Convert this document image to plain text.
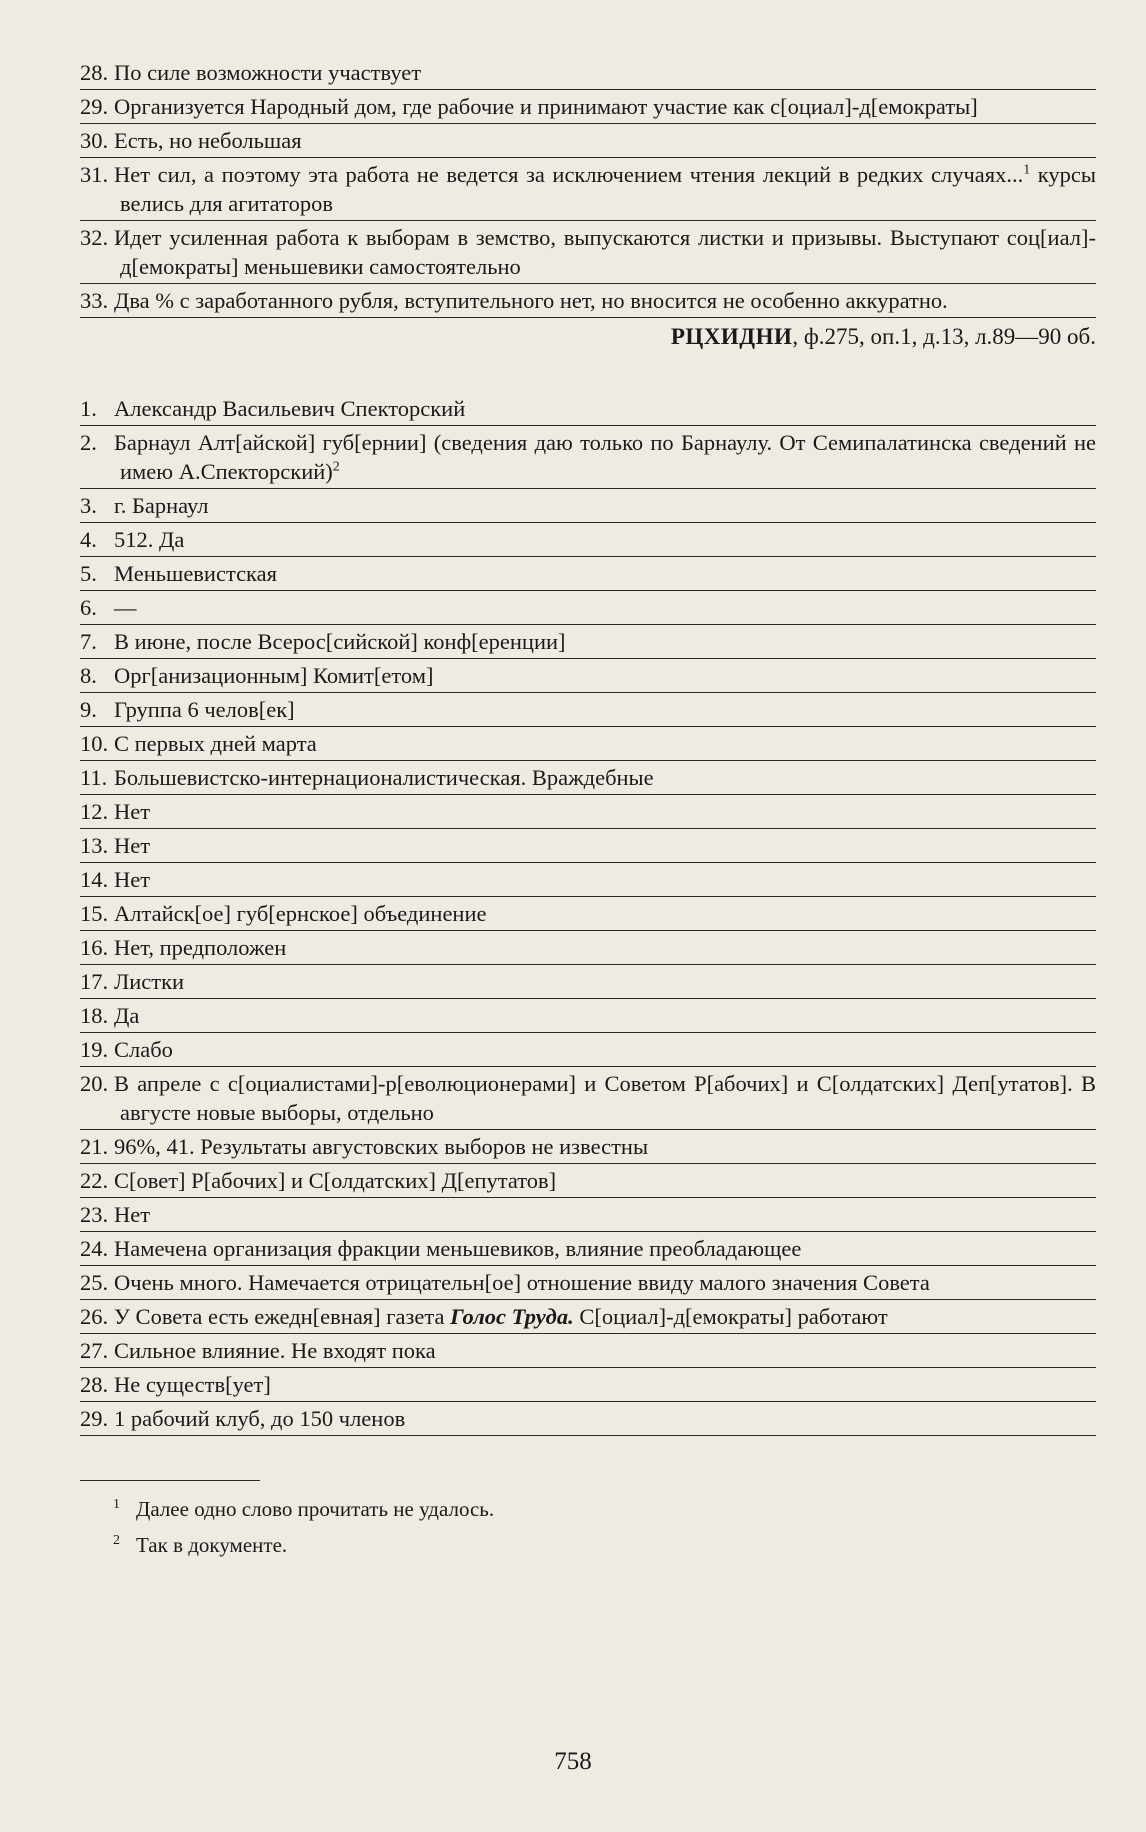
28. По силе возможности участвует
29. Организуется Народный дом, где рабочие и принимают участие как с[оциал]-д[емократы]
30. Есть, но небольшая
31. Нет сил, а поэтому эта работа не ведется за исключением чтения лекций в редких случаях...$^1$ курсы велись для агитаторов
32. Идет усиленная работа к выборам в земство, выпускаются листки и призывы. Выступают соц[иал]-д[емократы] меньшевики самостоятельно
33. Два % с заработанного рубля, вступительного нет, но вносится не особенно аккуратно.
РЦХИДНИ, ф.275, оп.1, д.13, л.89—90 об.
1. Александр Васильевич Спекторский
2. Барнаул Алт[айской] губ[ернии] (сведения даю только по Барнаулу. От Семипалатинска сведений не имею А.Спекторский)$^2$
3. г. Барнаул
4. 512. Да
5. Меньшевистская
6. —
7. В июне, после Всерос[сийской] конф[еренции]
8. Орг[анизационным] Комит[етом]
9. Группа 6 челов[ек]
10. С первых дней марта
11. Большевистско-интернационалистическая. Враждебные
12. Нет
13. Нет
14. Нет
15. Алтайск[ое] губ[ернское] объединение
16. Нет, предположен
17. Листки
18. Да
19. Слабо
20. В апреле с с[оциалистами]-р[еволюционерами] и Советом Р[абочих] и С[олдатских] Деп[утатов]. В августе новые выборы, отдельно
21. 96%, 41. Результаты августовских выборов не известны
22. С[овет] Р[абочих] и С[олдатских] Д[епутатов]
23. Нет
24. Намечена организация фракции меньшевиков, влияние преобладающее
25. Очень много. Намечается отрицательн[ое] отношение ввиду малого значения Совета
26. У Совета есть ежедн[евная] газета Голос Труда. С[оциал]-д[емократы] работают
27. Сильное влияние. Не входят пока
28. Не существ[ует]
29. 1 рабочий клуб, до 150 членов
$^1$ Далее одно слово прочитать не удалось.
$^2$ Так в документе.
758
